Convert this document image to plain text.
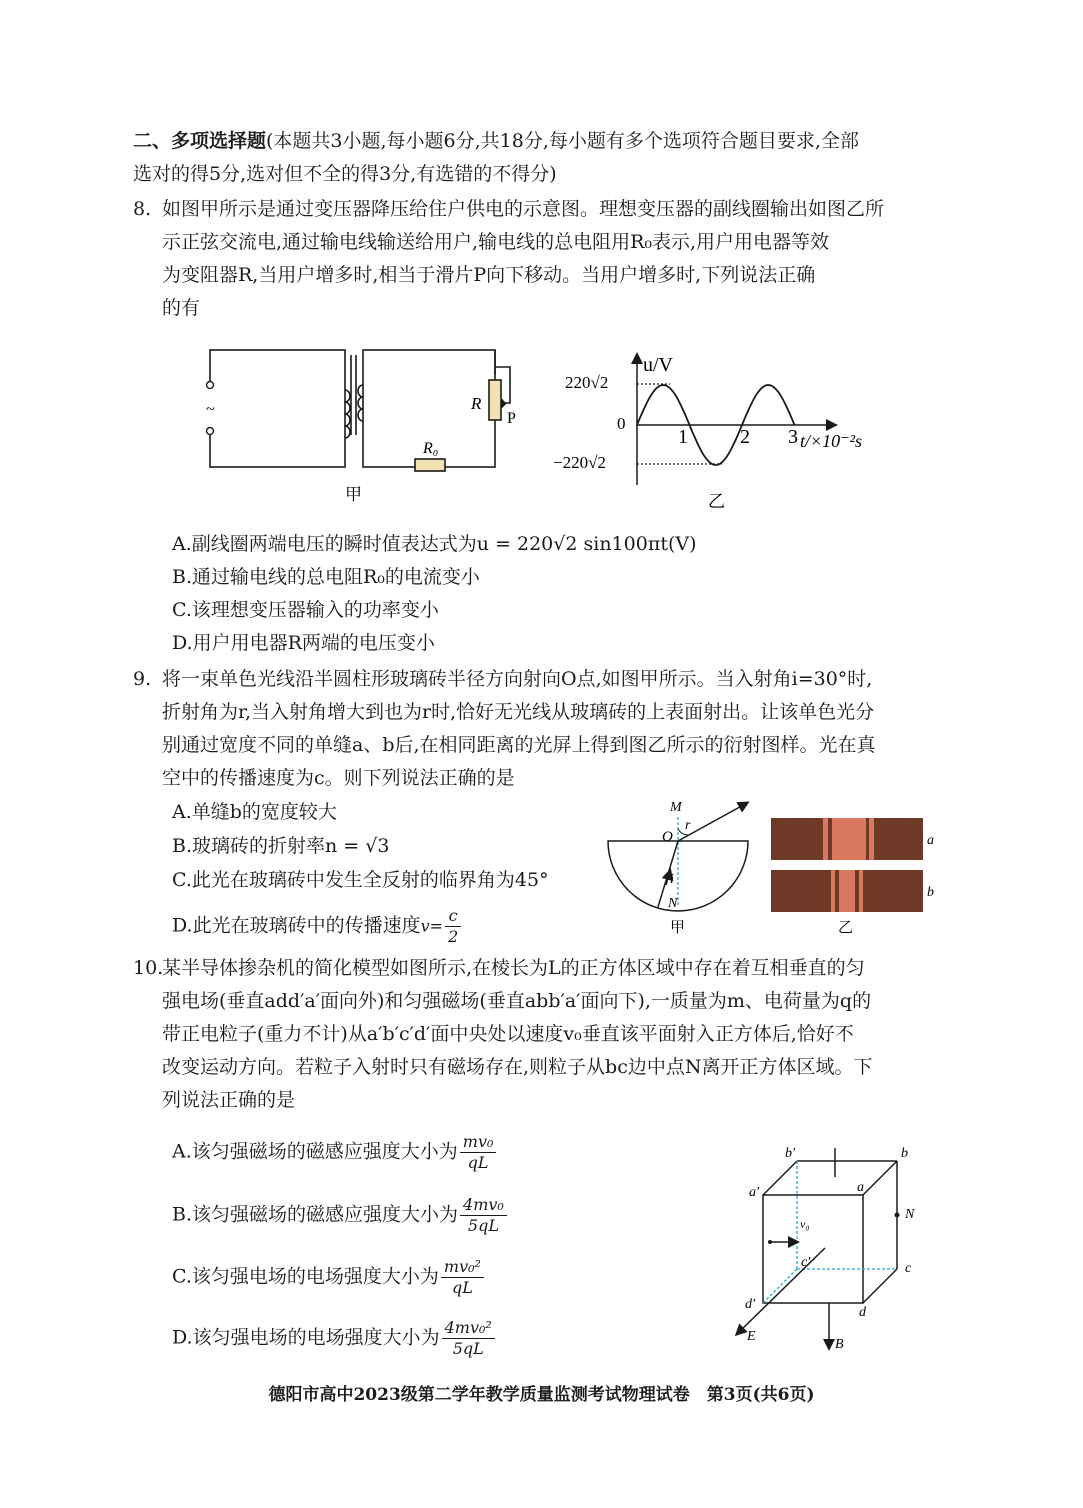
二、多项选择题(本题共3小题,每小题6分,共18分,每小题有多个选项符合题目要求,全部
选对的得5分,选对但不全的得3分,有选错的不得分)
8. 如图甲所示是通过变压器降压给住户供电的示意图。理想变压器的副线圈输出如图乙所
示正弦交流电,通过输电线输送给用户,输电线的总电阻用R₀表示,用户用电器等效
为变阻器R,当用户增多时,相当于滑片P向下移动。当用户增多时,下列说法正确
的有
~	R
P
R₀
甲
u/V
220√2
0
−220√2
1	2 3 t/×10⁻²s
乙
A.副线圈两端电压的瞬时值表达式为u = 220√2 sin100πt(V)
B.通过输电线的总电阻R₀的电流变小
C.该理想变压器输入的功率变小
D.用户用电器R两端的电压变小
9. 将一束单色光线沿半圆柱形玻璃砖半径方向射向O点,如图甲所示。当入射角i=30°时,
折射角为r,当入射角增大到也为r时,恰好无光线从玻璃砖的上表面射出。让该单色光分
别通过宽度不同的单缝a、b后,在相同距离的光屏上得到图乙所示的衍射图样。光在真
空中的传播速度为c。则下列说法正确的是
A.单缝b的宽度较大
B.玻璃砖的折射率n = √3
C.此光在玻璃砖中发生全反射的临界角为45°
D.此光在玻璃砖中的传播速度$v= \frac{c}{2}$
M
r
O
i
N
甲
a
b
乙
10.
某半导体掺杂机的简化模型如图所示,在棱长为L的正方体区域中存在着互相垂直的匀
强电场(垂直add′a′面向外)和匀强磁场(垂直abb′a′面向下),一质量为m、电荷量为q的
带正电粒子(重力不计)从a′b′c′d′面中央处以速度v₀垂直该平面射入正方体后,恰好不
改变运动方向。若粒子入射时只有磁场存在,则粒子从bc边中点N离开正方体区域。下
列说法正确的是
A.该匀强磁场的磁感应强度大小为 $\frac{\text{mv₀}}{qL}$
B.该匀强磁场的磁感应强度大小为 $\frac{\text{4mv₀}}{5qL}$
C.该匀强电场的电场强度大小为 $\frac{\text{mv₀²}}{qL}$
D.该匀强电场的电场强度大小为 $\frac{\text{4mv₀²}}{5qL}$
b′	b
a′	a
N
v₀
c′	c
d′
d
E
B
德阳市高中2023级第二学年教学质量监测考试物理试卷　第3页(共6页)
